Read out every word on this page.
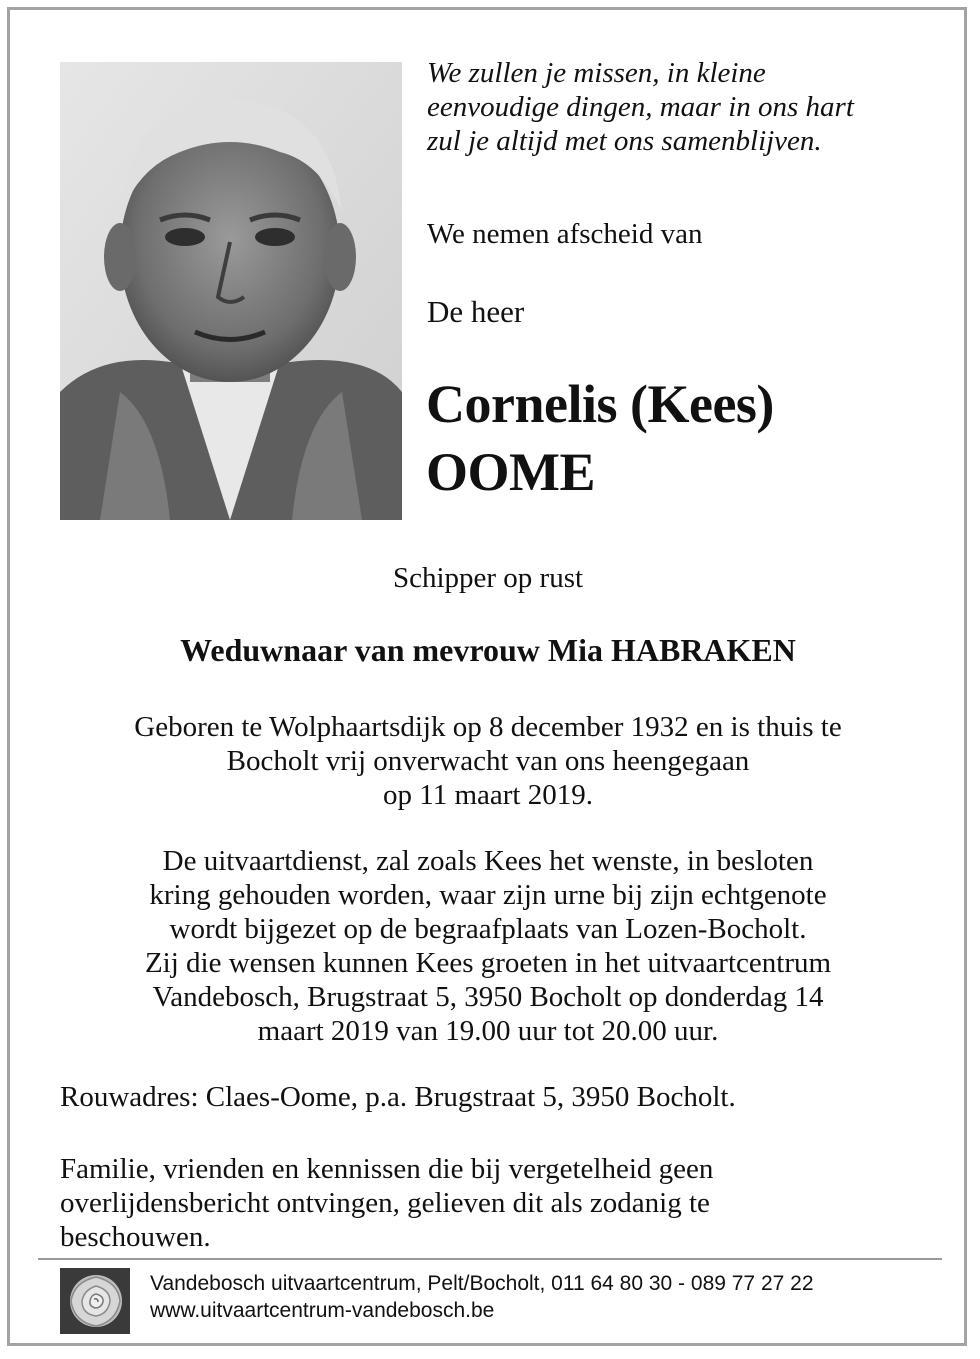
We zullen je missen, in kleine
eenvoudige dingen, maar in ons hart
zul je altijd met ons samenblijven.
We nemen afscheid van
De heer
Cornelis (Kees)
OOME
Schipper op rust
Weduwnaar van mevrouw Mia HABRAKEN
Geboren te Wolphaartsdijk op 8 december 1932 en is thuis te
Bocholt vrij onverwacht van ons heengegaan
op 11 maart 2019.
De uitvaartdienst, zal zoals Kees het wenste, in besloten
kring gehouden worden, waar zijn urne bij zijn echtgenote
wordt bijgezet op de begraafplaats van Lozen-Bocholt.
Zij die wensen kunnen Kees groeten in het uitvaartcentrum
Vandebosch, Brugstraat 5, 3950 Bocholt op donderdag 14
maart 2019 van 19.00 uur tot 20.00 uur.
Rouwadres: Claes-Oome, p.a. Brugstraat 5, 3950 Bocholt.
Familie, vrienden en kennissen die bij vergetelheid geen
overlijdensbericht ontvingen, gelieven dit als zodanig te
beschouwen.
Vandebosch uitvaartcentrum, Pelt/Bocholt, 011 64 80 30 - 089 77 27 22
www.uitvaartcentrum-vandebosch.be
